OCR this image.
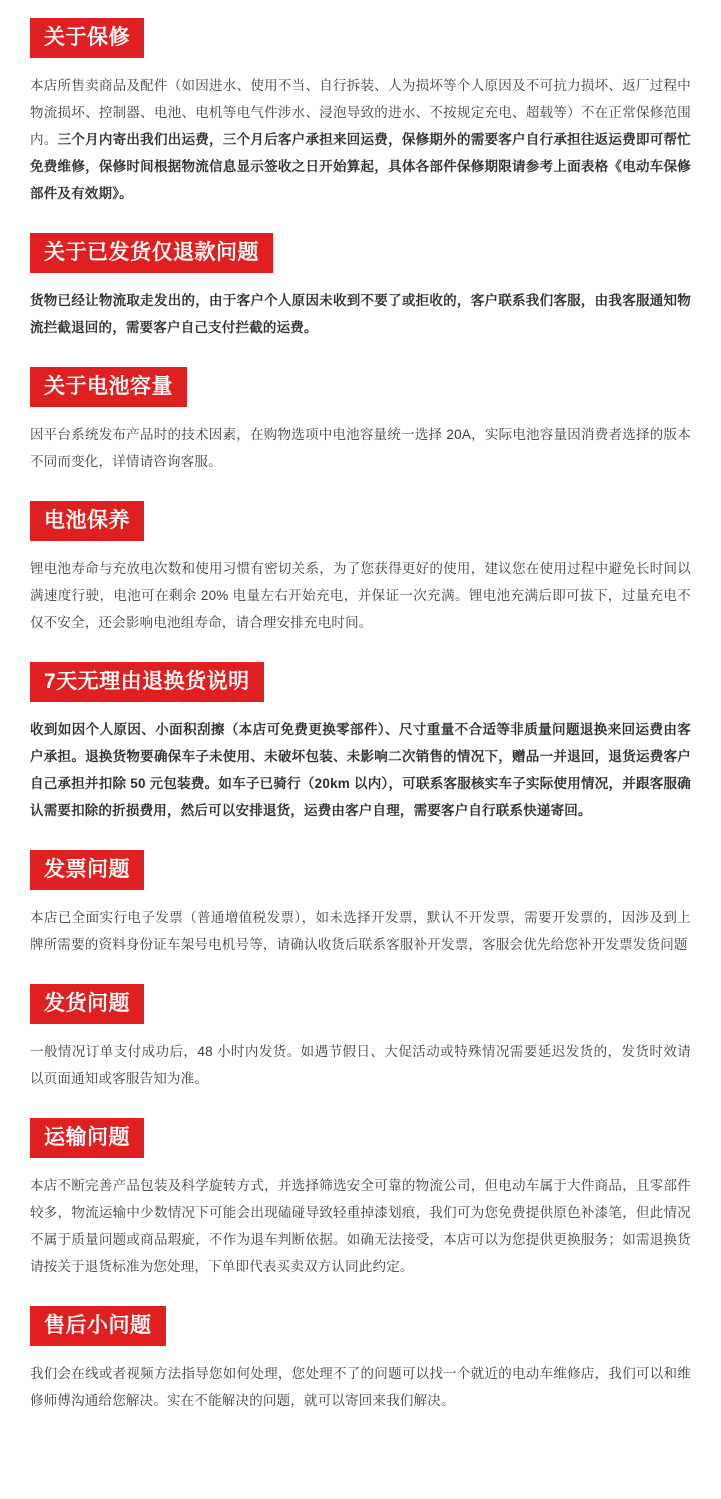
关于保修

本店所售卖商品及配件（如因进水、使用不当、自行拆装、人为损坏等个人原因及不可抗力损坏、返厂过程中物流损坏、控制器、电池、电机等电气件涉水、浸泡导致的进水、不按规定充电、超载等）不在正常保修范围内。三个月内寄出我们出运费，三个月后客户承担来回运费，保修期外的需要客户自行承担往返运费即可帮忙免费维修，保修时间根据物流信息显示签收之日开始算起，具体各部件保修期限请参考上面表格《电动车保修部件及有效期》。

关于已发货仅退款问题

货物已经让物流取走发出的，由于客户个人原因未收到不要了或拒收的，客户联系我们客服，由我客服通知物流拦截退回的，需要客户自己支付拦截的运费。

关于电池容量

因平台系统发布产品时的技术因素，在购物选项中电池容量统一选择 20A，实际电池容量因消费者选择的版本不同而变化，详情请咨询客服。

电池保养

锂电池寿命与充放电次数和使用习惯有密切关系，为了您获得更好的使用，建议您在使用过程中避免长时间以满速度行驶，电池可在剩余 20% 电量左右开始充电，并保证一次充满。锂电池充满后即可拔下，过量充电不仅不安全，还会影响电池组寿命，请合理安排充电时间。

7天无理由退换货说明

收到如因个人原因、小面积刮擦（本店可免费更换零部件）、尺寸重量不合适等非质量问题退换来回运费由客户承担。退换货物要确保车子未使用、未破坏包装、未影响二次销售的情况下，赠品一并退回，退货运费客户自己承担并扣除 50 元包装费。如车子已骑行（20km 以内），可联系客服核实车子实际使用情况，并跟客服确认需要扣除的折损费用，然后可以安排退货，运费由客户自理，需要客户自行联系快递寄回。

发票问题

本店已全面实行电子发票（普通增值税发票），如未选择开发票，默认不开发票，需要开发票的，因涉及到上牌所需要的资料身份证车架号电机号等，请确认收货后联系客服补开发票，客服会优先给您补开发票发货问题

发货问题

一般情况订单支付成功后，48 小时内发货。如遇节假日、大促活动或特殊情况需要延迟发货的，发货时效请以页面通知或客服告知为准。

运输问题

本店不断完善产品包装及科学旋转方式，并选择筛选安全可靠的物流公司，但电动车属于大件商品，且零部件较多，物流运输中少数情况下可能会出现磕碰导致轻重掉漆划痕，我们可为您免费提供原色补漆笔，但此情况不属于质量问题或商品瑕疵，不作为退车判断依据。如确无法接受，本店可以为您提供更换服务；如需退换货请按关于退货标准为您处理，下单即代表买卖双方认同此约定。

售后小问题

我们会在线或者视频方法指导您如何处理，您处理不了的问题可以找一个就近的电动车维修店，我们可以和维修师傅沟通给您解决。实在不能解决的问题，就可以寄回来我们解决。
